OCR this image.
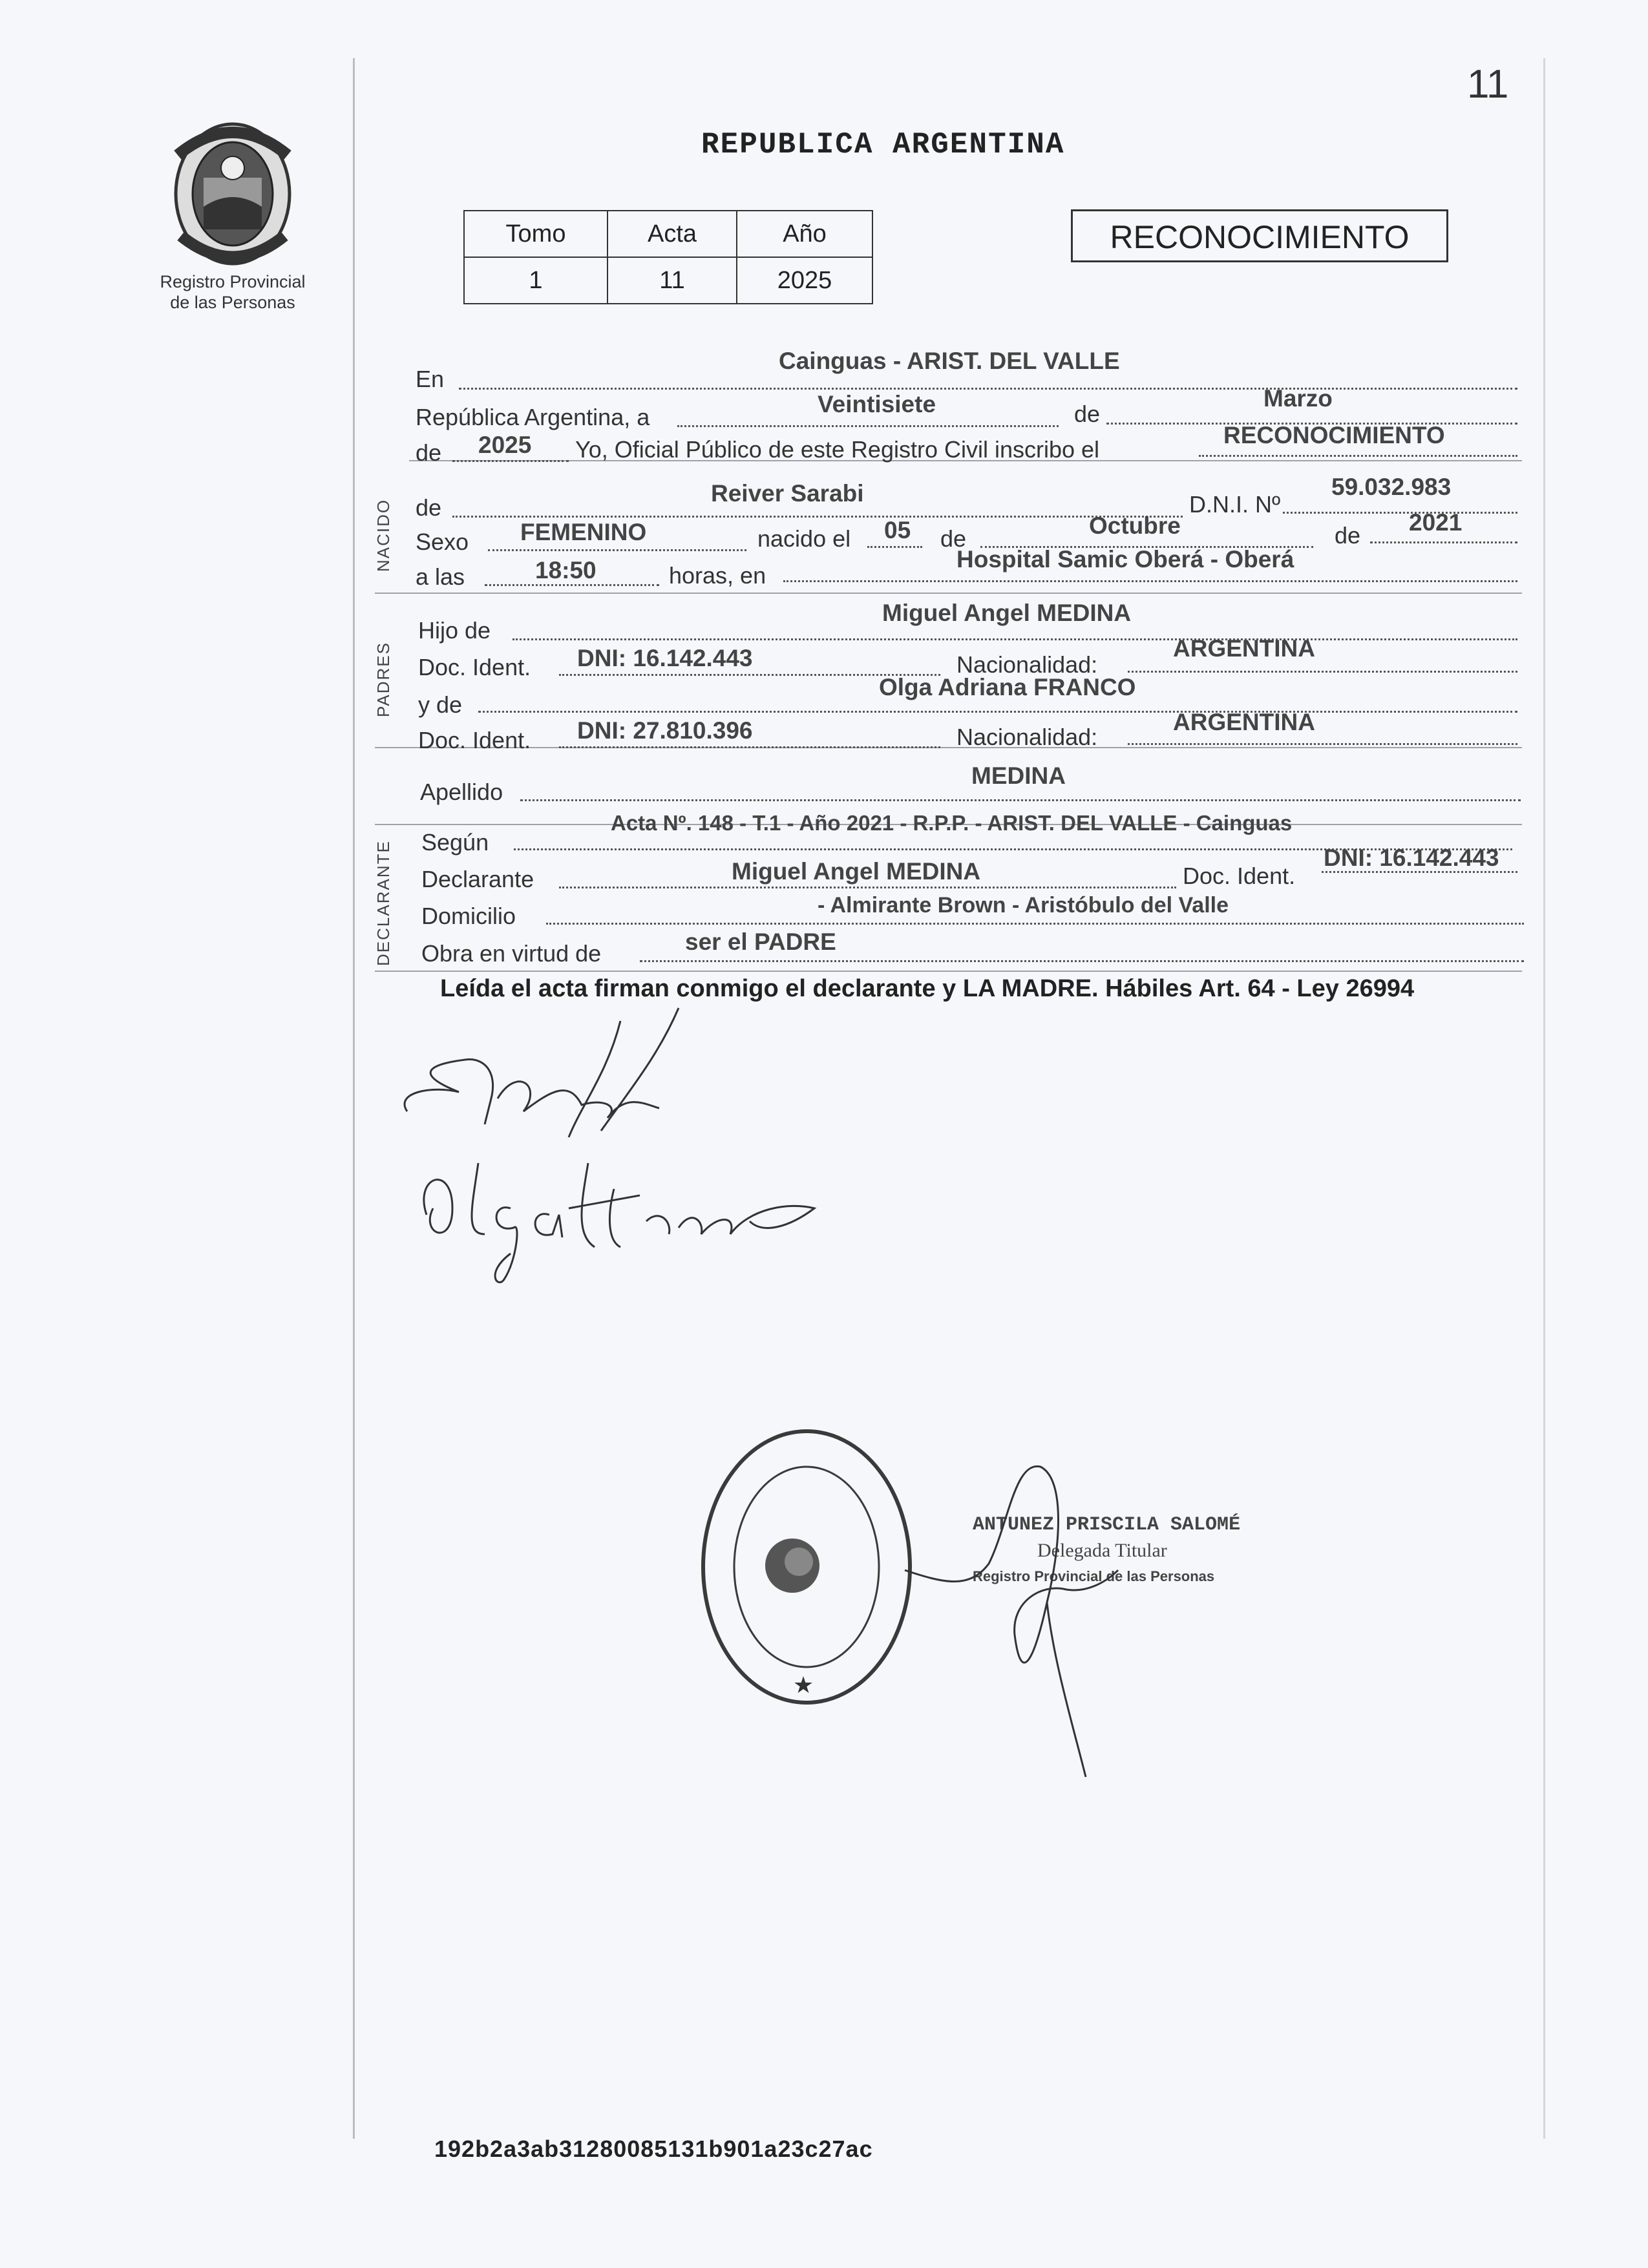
11
Registro Provincial
de las Personas
REPUBLICA ARGENTINA
Tomo	Acta	Año
1	11	2025
RECONOCIMIENTO
NACIDO
PADRES
DECLARANTE
En
Cainguas - ARIST. DEL VALLE
República Argentina, a	Veintisiete	de
Marzo
de 2025 Yo, Oficial Público de este Registro Civil inscribo el
RECONOCIMIENTO
de
Reiver Sarabi	D.N.I. Nº
59.032.983
Sexo FEMENINO	nacido el 05 de	Octubre	de 2021
a las	18:50	horas, en
Hospital Samic Oberá - Oberá
Hijo de
Miguel Angel MEDINA
Doc. Ident. DNI: 16.142.443	Nacionalidad:
ARGENTINA
y de
Olga Adriana FRANCO
Doc. Ident. DNI: 27.810.396	Nacionalidad:
ARGENTINA
Apellido
MEDINA
Según
Acta Nº. 148 - T.1 - Año 2021 - R.P.P. - ARIST. DEL VALLE - Cainguas
Declarante	Miguel Angel MEDINA	Doc. Ident.
DNI: 16.142.443
Domicilio	- Almirante Brown - Aristóbulo del Valle
Obra en virtud de	ser el PADRE
Leída el acta firman conmigo el declarante y LA MADRE. Hábiles Art. 64 - Ley 26994
★
ANTUNEZ PRISCILA SALOMÉ
Delegada Titular
Registro Provincial de las Personas
192b2a3ab31280085131b901a23c27ac
